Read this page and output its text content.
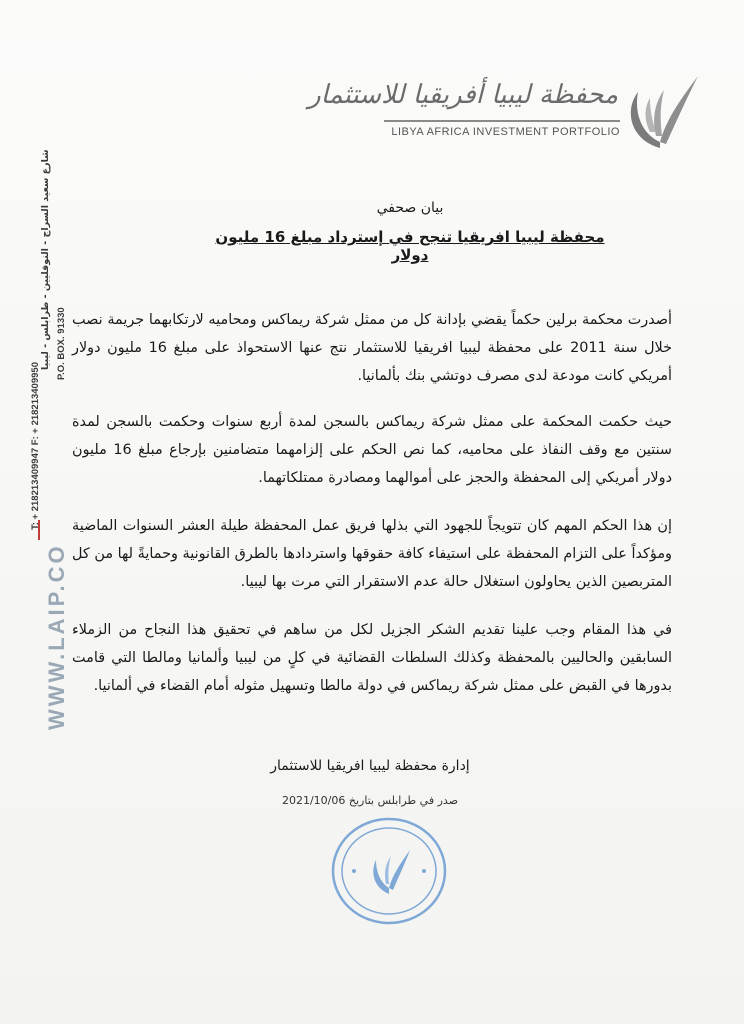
محفظة ليبيا أفريقيا للاستثمار
LIBYA AFRICA INVESTMENT PORTFOLIO
WWW.LAIP.CO
T: + 218213409947 F: + 218213409950
شارع سعيد السراج - النوفليين - طرابلس - ليبيا P.O. BOX. 91330
بيان صحفي
محفظة ليبيا افريقيا تنجح في إسترداد مبلغ 16 مليون دولار
أصدرت محكمة برلين حكماً يقضي بإدانة كل من ممثل شركة ريماكس ومحاميه لارتكابهما جريمة نصب خلال سنة 2011 على محفظة ليبيا افريقيا للاستثمار نتج عنها الاستحواذ على مبلغ 16 مليون دولار أمريكي كانت مودعة لدى مصرف دوتشي بنك بألمانيا.
حيث حكمت المحكمة على ممثل شركة ريماكس بالسجن لمدة أربع سنوات وحكمت بالسجن لمدة سنتين مع وقف النفاذ على محاميه، كما نص الحكم على إلزامهما متضامنين بإرجاع مبلغ 16 مليون دولار أمريكي إلى المحفظة والحجز على أموالهما ومصادرة ممتلكاتهما.
إن هذا الحكم المهم كان تتويجاً للجهود التي بذلها فريق عمل المحفظة طيلة العشر السنوات الماضية ومؤكداً على التزام المحفظة على استيفاء كافة حقوقها واستردادها بالطرق القانونية وحمايةً لها من كل المتربصين الذين يحاولون استغلال حالة عدم الاستقرار التي مرت بها ليبيا.
في هذا المقام وجب علينا تقديم الشكر الجزيل لكل من ساهم في تحقيق هذا النجاح من الزملاء السابقين والحاليين بالمحفظة وكذلك السلطات القضائية في كلٍ من ليبيا وألمانيا ومالطا التي قامت بدورها في القبض على ممثل شركة ريماكس في دولة مالطا وتسهيل مثوله أمام القضاء في ألمانيا.
إدارة محفظة ليبيا افريقيا للاستثمار
صدر في طرابلس بتاريخ 2021/10/06
